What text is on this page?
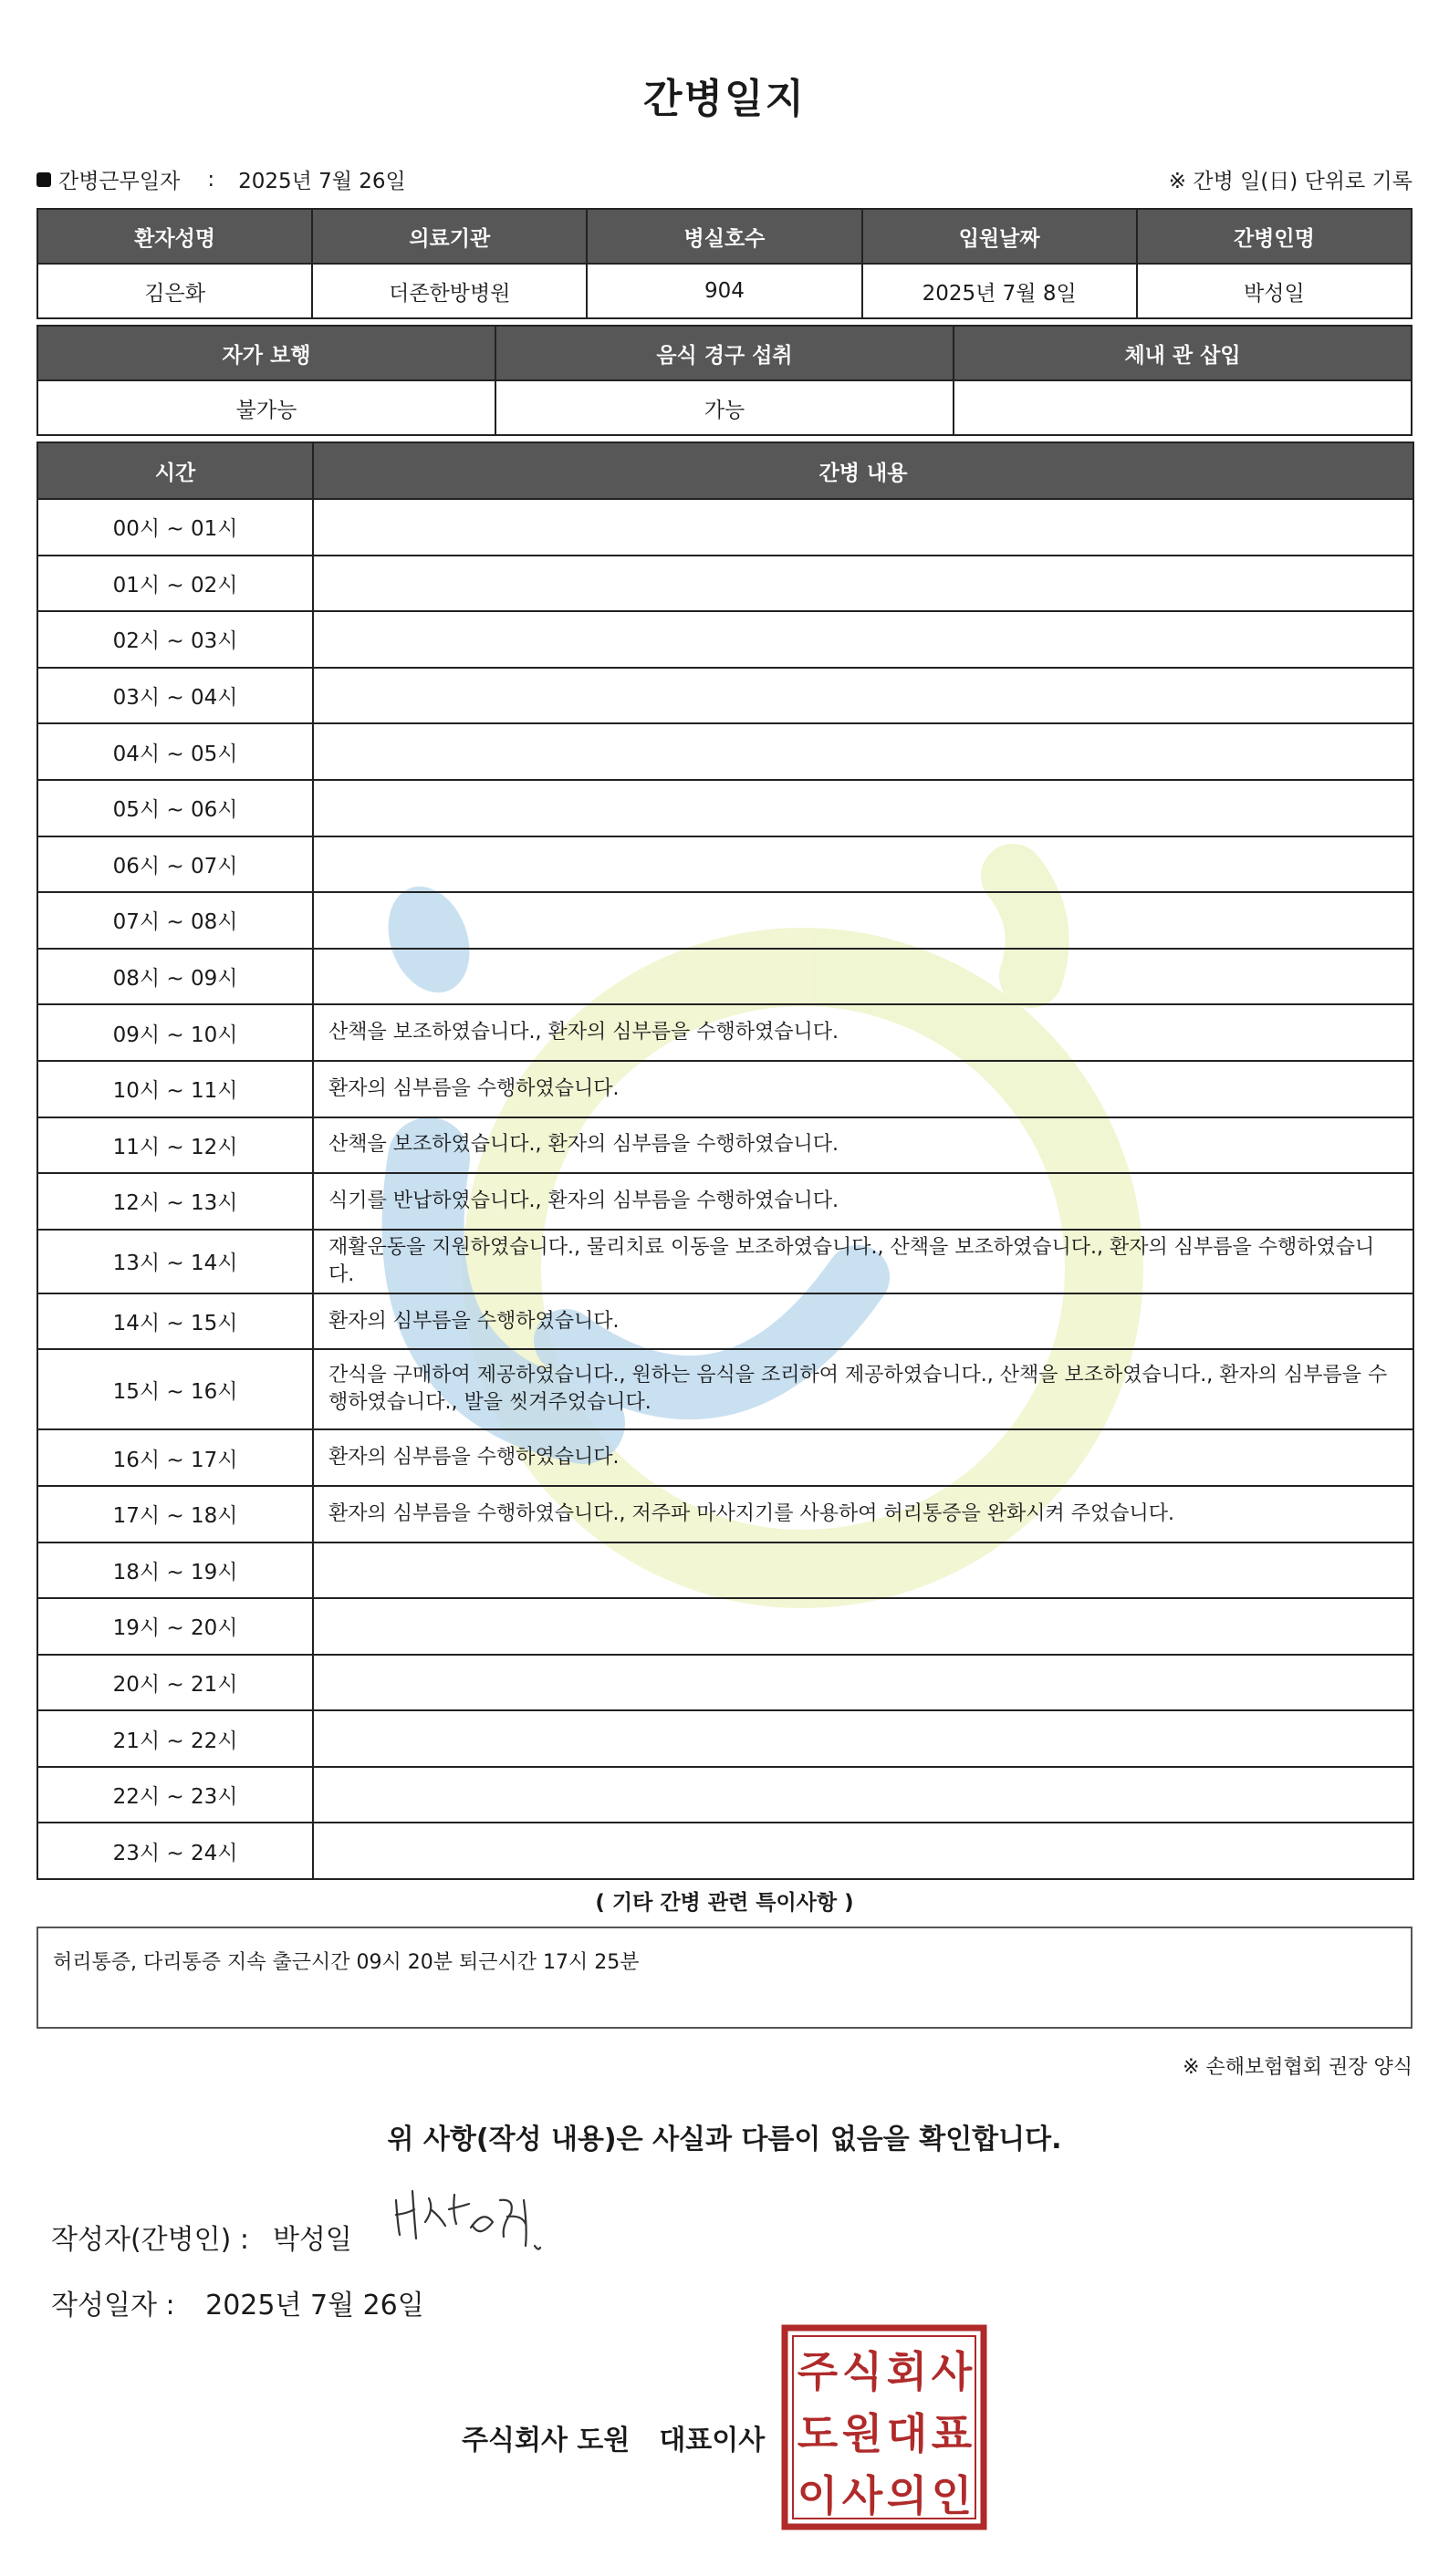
간병일지
간병근무일자 : 2025년 7월 26일	※ 간병 일(日) 단위로 기록
환자성명	의료기관	병실호수	입원날짜	간병인명
김은화	더존한방병원	904	2025년 7월 8일	박성일
자가 보행	음식 경구 섭취	체내 관 삽입
불가능	가능	
시간	간병 내용
00시 ~ 01시	
01시 ~ 02시	
02시 ~ 03시	
03시 ~ 04시	
04시 ~ 05시	
05시 ~ 06시	
06시 ~ 07시	
07시 ~ 08시	
08시 ~ 09시	
09시 ~ 10시	산책을 보조하였습니다., 환자의 심부름을 수행하였습니다.
10시 ~ 11시	환자의 심부름을 수행하였습니다.
11시 ~ 12시	산책을 보조하였습니다., 환자의 심부름을 수행하였습니다.
12시 ~ 13시	식기를 반납하였습니다., 환자의 심부름을 수행하였습니다.
13시 ~ 14시	재활운동을 지원하였습니다., 물리치료 이동을 보조하였습니다., 산책을 보조하였습니다., 환자의 심부름을 수행하였습니다.
14시 ~ 15시	환자의 심부름을 수행하였습니다.
15시 ~ 16시	간식을 구매하여 제공하였습니다., 원하는 음식을 조리하여 제공하였습니다., 산책을 보조하였습니다., 환자의 심부름을 수행하였습니다., 발을 씻겨주었습니다.
16시 ~ 17시	환자의 심부름을 수행하였습니다.
17시 ~ 18시	환자의 심부름을 수행하였습니다., 저주파 마사지기를 사용하여 허리통증을 완화시켜 주었습니다.
18시 ~ 19시	
19시 ~ 20시	
20시 ~ 21시	
21시 ~ 22시	
22시 ~ 23시	
23시 ~ 24시	
( 기타 간병 관련 특이사항 )
허리통증, 다리통증 지속 출근시간 09시 20분 퇴근시간 17시 25분
※ 손해보험협회 권장 양식
위 사항(작성 내용)은 사실과 다름이 없음을 확인합니다.
작성자(간병인) : 박성일
작성일자 : 2025년 7월 26일
주식회사 도원 대표이사
주 식 회 사
도 원 대 표
이 사 의 인
